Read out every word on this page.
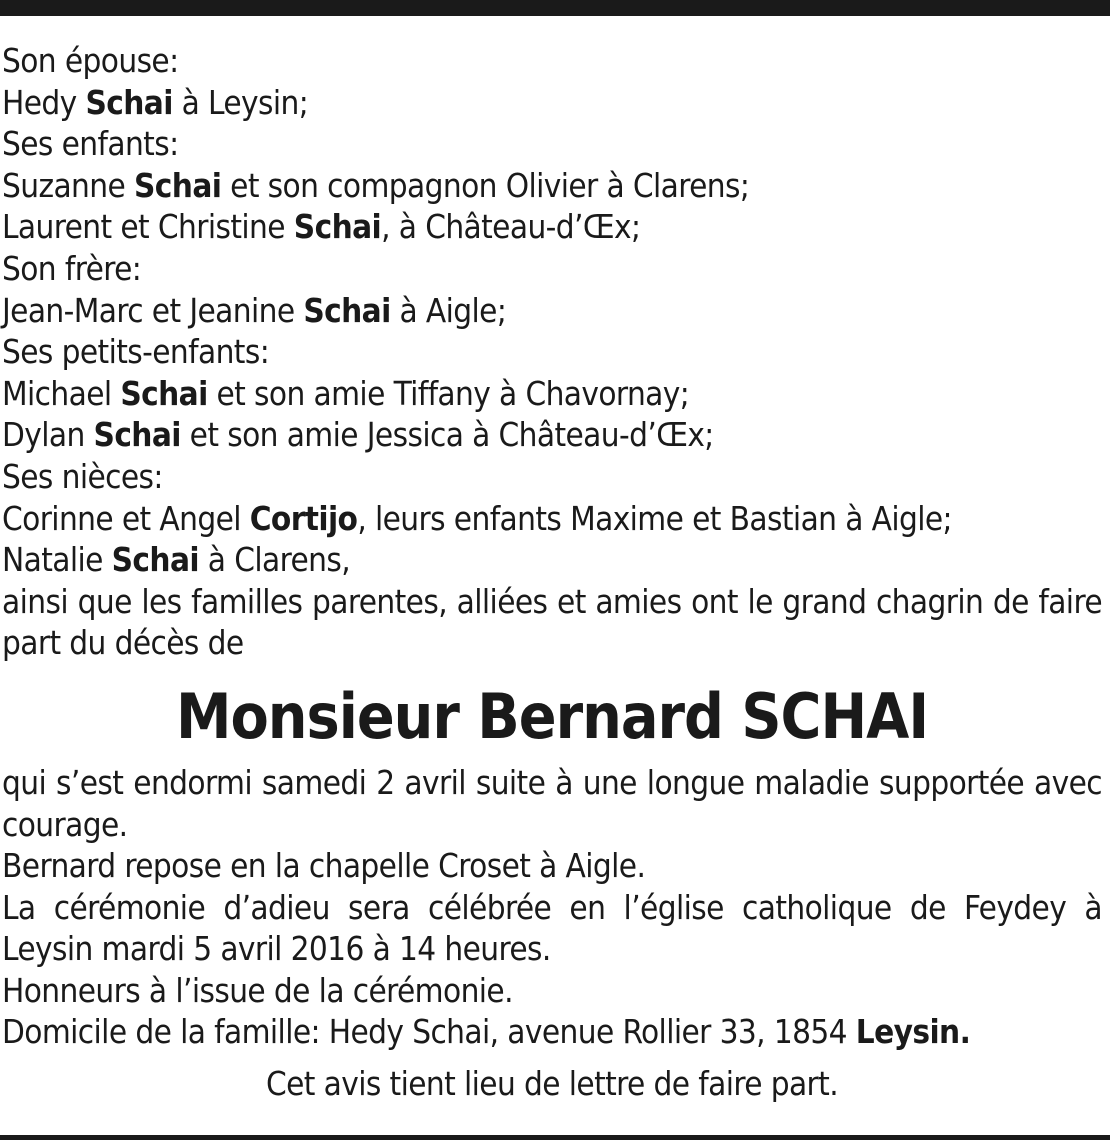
Son épouse:
Hedy Schai à Leysin;
Ses enfants:
Suzanne Schai et son compagnon Olivier à Clarens;
Laurent et Christine Schai, à Château-d’Œx;
Son frère:
Jean-Marc et Jeanine Schai à Aigle;
Ses petits-enfants:
Michael Schai et son amie Tiffany à Chavornay;
Dylan Schai et son amie Jessica à Château-d’Œx;
Ses nièces:
Corinne et Angel Cortijo, leurs enfants Maxime et Bastian à Aigle;
Natalie Schai à Clarens,
ainsi que les familles parentes, alliées et amies ont le grand chagrin de faire part du décès de
Monsieur Bernard SCHAI
qui s’est endormi samedi 2 avril suite à une longue maladie supportée avec courage.
Bernard repose en la chapelle Croset à Aigle.
La cérémonie d’adieu sera célébrée en l’église catholique de Feydey à Leysin mardi 5 avril 2016 à 14 heures.
Honneurs à l’issue de la cérémonie.
Domicile de la famille: Hedy Schai, avenue Rollier 33, 1854 Leysin.
Cet avis tient lieu de lettre de faire part.
